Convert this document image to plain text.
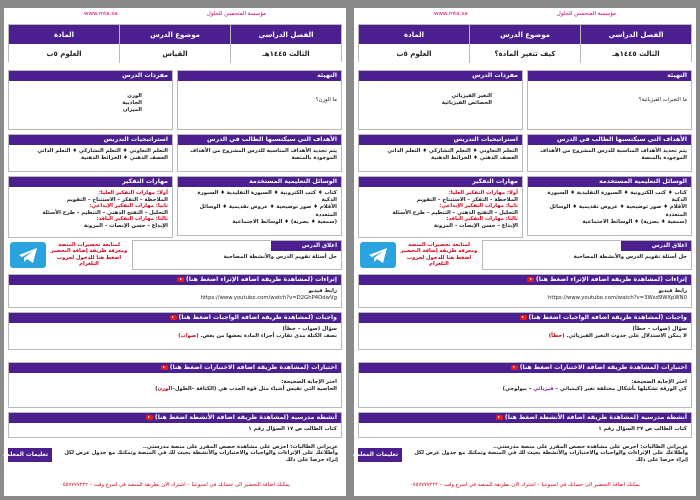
www.mta.sa	مؤسسة المتحمس للحلول
الفصل الدراسي
موضوع الدرس
المادة
الثالث ١٤٤٥هـ
القياس
العلوم ٥ب
التهيئة
ما الوزن؟
مفردات الدرس
الوزن
الجاذبية
الميزان
الأهداف التي سيكتسبها الطالب في الدرس
يتم تحديد الأهداف المناسبة للدرس المشروح من الأهداف الموجودة بالمنصة
استراتيجيات التدريس
التعلم التعاوني ♦ التعلم التشاركي ♦ التعلم الذاتي
العصف الذهني ♦ الخرائط الذهنية
الوسائل التعليمية المستخدمة
كتاب ♦ كتب الكترونية ♦ السبورة التقليدية ♦ السبورة الذكية
الأقلام ♦ صور توضيحية ♦ عروض تقديمية ♦ الوسائل المتعددة
(سمعية ♦ بصرية) ♦ الوسائط الاجتماعية
مهارات التفكير
أولا: مهارات التفكير العليا:
الملاحظة – التفكر – الاستنتاج – التقويم
ثانيا: مهارات التفكير الإبداعي:
التحليل – التفتح الذهني – التنظيم – طرح الأسئلة
ثالثا: مهارات التفكير الناقد:
الإبداع – حسن الإنصات – المرونة
اغلاق الدرس
حل أسئلة تقويم الدرس والأنشطة المصاحبة
لمتابعة تحضيرات المنصة ومعرفة طريقة إضافة التحضير اضغط هنا للدخول لجروب التلغرام
إثراءات (لمشاهدة طريقة اضافة الإثراء اضغط هنا)
رابط فيديو
https://www.youtube.com/watch?v=D2GhP4OdwVg
واجبات (لمشاهدة طريقة اضافة الواجبات اضغط هنا)
سؤال (صواب – خطأ)
نصف الكتلة مدى تقارب أجزاء المادة بعضها من بعض. (صواب)
اختبارات (لمشاهدة طريقة اضافة الاختبارات اضغط هنا)
اختر الإجابة الصحيحة:
الخاصية التي تقيس أشياء مثل قوة الجذب هي (الكثافة –الطول–الوزن)
أنشطة مدرسية (لمشاهدة طريقة اضافة الأنشطة اضغط هنا)
كتاب الطالب ص ١٧ السؤال رقم ١
تعليمات المعلمة
عزيزاتي الطالبات: احرص على مشاهدة حصص المقرر على منصة مدرستي..
وأطلاعك على الإثراءات والواجبات والاختبارات والأنشطة بحيث لك في المنصة وتمكنك مع جدول عرض لكل إثراء حرصا على ذلك
يمكنك اضافة التحضير الى حسابك في اسبوعيا – اشترك الان بطريقة للمنصة في اسرع وقت – ٠٥٥٧٧٧٧٢٢٢
www.mta.sa	مؤسسة المتحمس للحلول
الفصل الدراسي
موضوع الدرس
المادة
الثالث ١٤٤٥هـ
كيف تتغير المادة؟
العلوم ٥ب
التهيئة
ما التغيرات الفيزيائية؟
مفردات الدرس
التغير الفيزيائي
الخصائص الفيزيائية
الأهداف التي سيكتسبها الطالب في الدرس
يتم تحديد الأهداف المناسبة للدرس المشروح من الأهداف الموجودة بالمنصة
استراتيجيات التدريس
التعلم التعاوني ♦ التعلم التشاركي ♦ التعلم الذاتي
العصف الذهني ♦ الخرائط الذهنية
الوسائل التعليمية المستخدمة
كتاب ♦ كتب الكترونية ♦ السبورة التقليدية ♦ السبورة الذكية
الأقلام ♦ صور توضيحية ♦ عروض تقديمية ♦ الوسائل المتعددة
(سمعية ♦ بصرية) ♦ الوسائط الاجتماعية
مهارات التفكير
أولا: مهارات التفكير العليا:
الملاحظة – التفكر – الاستنتاج – التقويم
ثانيا: مهارات التفكير الإبداعي:
التحليل – التفتح الذهني – التنظيم – طرح الأسئلة
ثالثا: مهارات التفكير الناقد:
الإبداع – حسن الإنصات – المرونة
اغلاق الدرس
حل أسئلة تقويم الدرس والأنشطة المصاحبة
لمتابعة تحضيرات المنصة ومعرفة طريقة إضافة التحضير اضغط هنا للدخول لجروب التلغرام
إثراءات (لمشاهدة طريقة اضافة الإثراء اضغط هنا)
رابط فيديو
https://www.youtube.com/watch?v=3Wsd9WXpWN0
واجبات (لمشاهدة طريقة اضافة الواجبات اضغط هنا)
سؤال (صواب – خطأ)
لا يمكن الاستدلال على حدوث التغير الفيزيائي. (خطأ)
اختبارات (لمشاهدة طريقة اضافة الاختبارات اضغط هنا)
اختر الإجابة الصحيحة:
كي الورقة تشكيلها بأشكال مختلفة تغير (كيميائي – فيزيائي – بيولوجي)
أنشطة مدرسية (لمشاهدة طريقة اضافة الأنشطة اضغط هنا)
كتاب الطالب ص ٢٧ السؤال رقم ١
تعليمات المعلمة
عزيزاتي الطالبات: احرص على مشاهدة حصص المقرر على منصة مدرستي..
وأطلاعك على الإثراءات والواجبات والاختبارات والأنشطة بحيث لك في المنصة وتمكنك مع جدول عرض لكل إثراء حرصا على ذلك
يمكنك اضافة التحضير الى حسابك في اسبوعيا – اشترك الان بطريقة للمنصة في اسرع وقت – ٠٥٥٧٧٧٧٢٢٢
